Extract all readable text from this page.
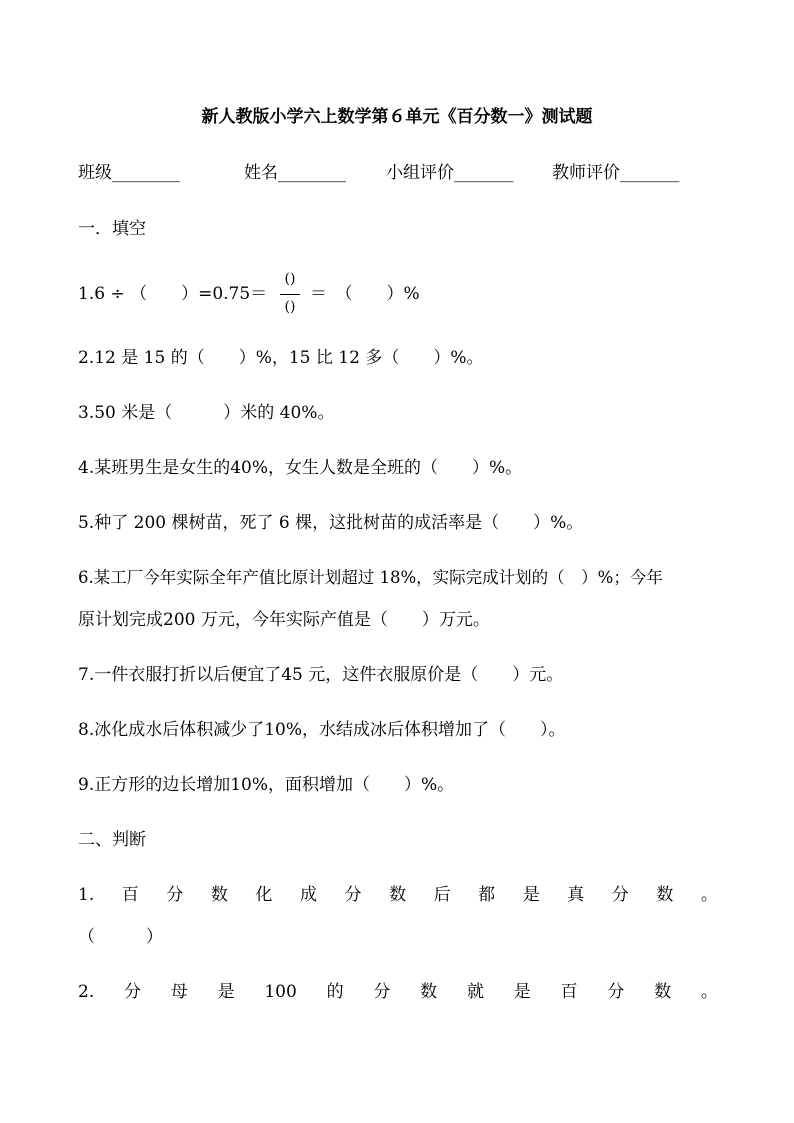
新人教版小学六上数学第６单元《百分数一》测试题
班级________	姓名________ 小组评价_______ 教师评价_______
一．填空
1.6 ÷ （　　）=0.75＝
()
()
＝　（　　）%
2.12 是 15 的（　　）%，15 比 12 多（　　）%。
3.50 米是（　　　）米的 40%。
4.某班男生是女生的40%，女生人数是全班的（　　）%。
5.种了 200 棵树苗，死了 6 棵，这批树苗的成活率是（　　）%。
6.某工厂今年实际全年产值比原计划超过 18%，实际完成计划的（　）%；今年
原计划完成200 万元，今年实际产值是（　　）万元。
7.一件衣服打折以后便宜了45 元，这件衣服原价是（　　）元。
8.冰化成水后体积减少了10%，水结成冰后体积增加了（　　）。
9.正方形的边长增加10%，面积增加（　　）%。
二、判断
1. 百 分 数 化 成 分 数 后 都 是 真 分 数 。
（　　　）
2. 分 母 是 100 的 分 数 就 是 百 分 数 。
